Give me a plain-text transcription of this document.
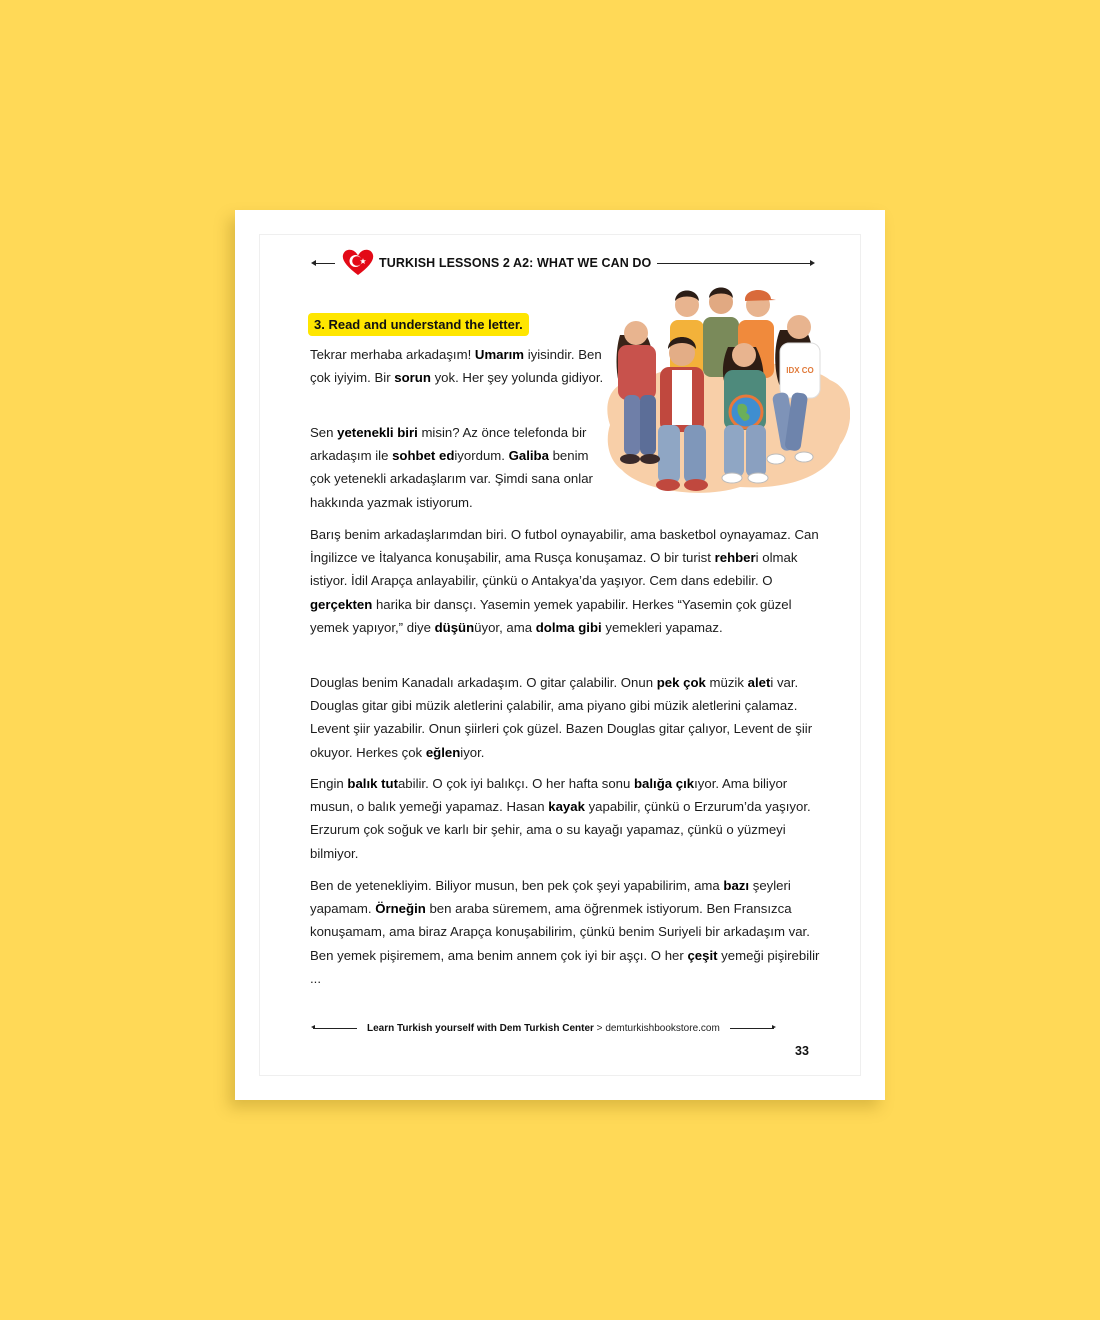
TURKISH LESSONS 2 A2: WHAT WE CAN DO
3. Read and understand the letter.
IDX CO

Tekrar merhaba arkadaşım! Umarım iyisindir. Ben çok iyiyim. Bir sorun yok. Her şey yolunda gidiyor.

Sen yetenekli biri misin? Az önce telefonda bir arkadaşım ile sohbet ediyordum. Galiba benim çok yetenekli arkadaşlarım var. Şimdi sana onlar hakkında yazmak istiyorum.

Barış benim arkadaşlarımdan biri. O futbol oynayabilir, ama basketbol oynayamaz. Can İngilizce ve İtalyanca konuşabilir, ama Rusça konuşamaz. O bir turist rehberi olmak istiyor. İdil Arapça anlayabilir, çünkü o Antakya’da yaşıyor. Cem dans edebilir. O gerçekten harika bir dansçı. Yasemin yemek yapabilir. Herkes “Yasemin çok güzel yemek yapıyor,” diye düşünüyor, ama dolma gibi yemekleri yapamaz.

Douglas benim Kanadalı arkadaşım. O gitar çalabilir. Onun pek çok müzik aleti var. Douglas gitar gibi müzik aletlerini çalabilir, ama piyano gibi müzik aletlerini çalamaz. Levent şiir yazabilir. Onun şiirleri çok güzel. Bazen Douglas gitar çalıyor, Levent de şiir okuyor. Herkes çok eğleniyor.

Engin balık tutabilir. O çok iyi balıkçı. O her hafta sonu balığa çıkıyor. Ama biliyor musun, o balık yemeği yapamaz. Hasan kayak yapabilir, çünkü o Erzurum’da yaşıyor. Erzurum çok soğuk ve karlı bir şehir, ama o su kayağı yapamaz, çünkü o yüzmeyi bilmiyor.

Ben de yetenekliyim. Biliyor musun, ben pek çok şeyi yapabilirim, ama bazı şeyleri yapamam. Örneğin ben araba süremem, ama öğrenmek istiyorum. Ben Fransızca konuşamam, ama biraz Arapça konuşabilirim, çünkü benim Suriyeli bir arkadaşım var. Ben yemek pişiremem, ama benim annem çok iyi bir aşçı. O her çeşit yemeği pişirebilir ...

Learn Turkish yourself with Dem Turkish Center > demturkishbookstore.com
33
